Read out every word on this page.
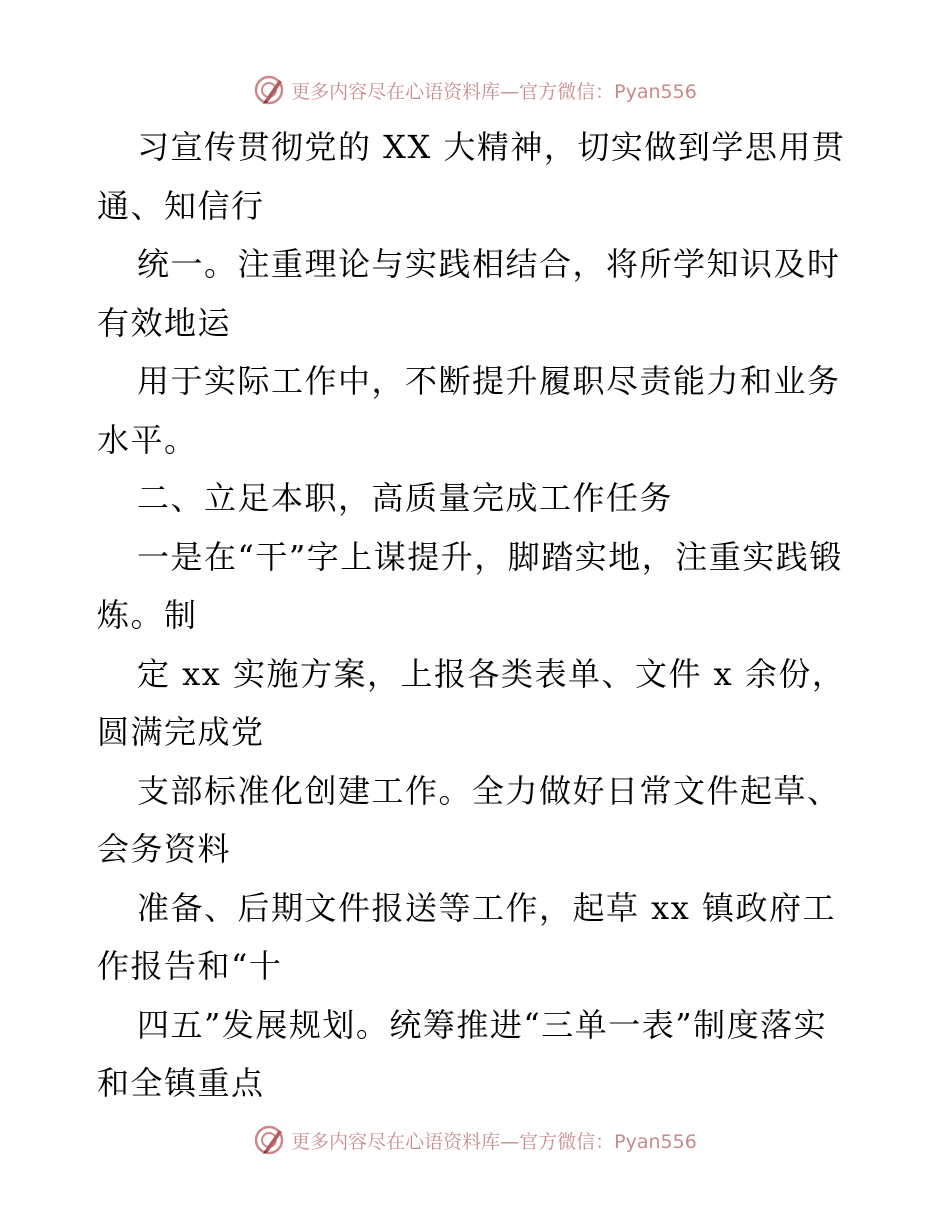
更多内容尽在心语资料库—官方微信：Pyan556

习宣传贯彻党的 XX 大精神，切实做到学思用贯通、知信行

统一。注重理论与实践相结合，将所学知识及时有效地运

用于实际工作中，不断提升履职尽责能力和业务水平。

二、立足本职，高质量完成工作任务

一是在“干”字上谋提升，脚踏实地，注重实践锻炼。制

定 xx 实施方案，上报各类表单、文件 x 余份，圆满完成党

支部标准化创建工作。全力做好日常文件起草、会务资料

准备、后期文件报送等工作，起草 xx 镇政府工作报告和“十

四五”发展规划。统筹推进“三单一表”制度落实和全镇重点

更多内容尽在心语资料库—官方微信：Pyan556
